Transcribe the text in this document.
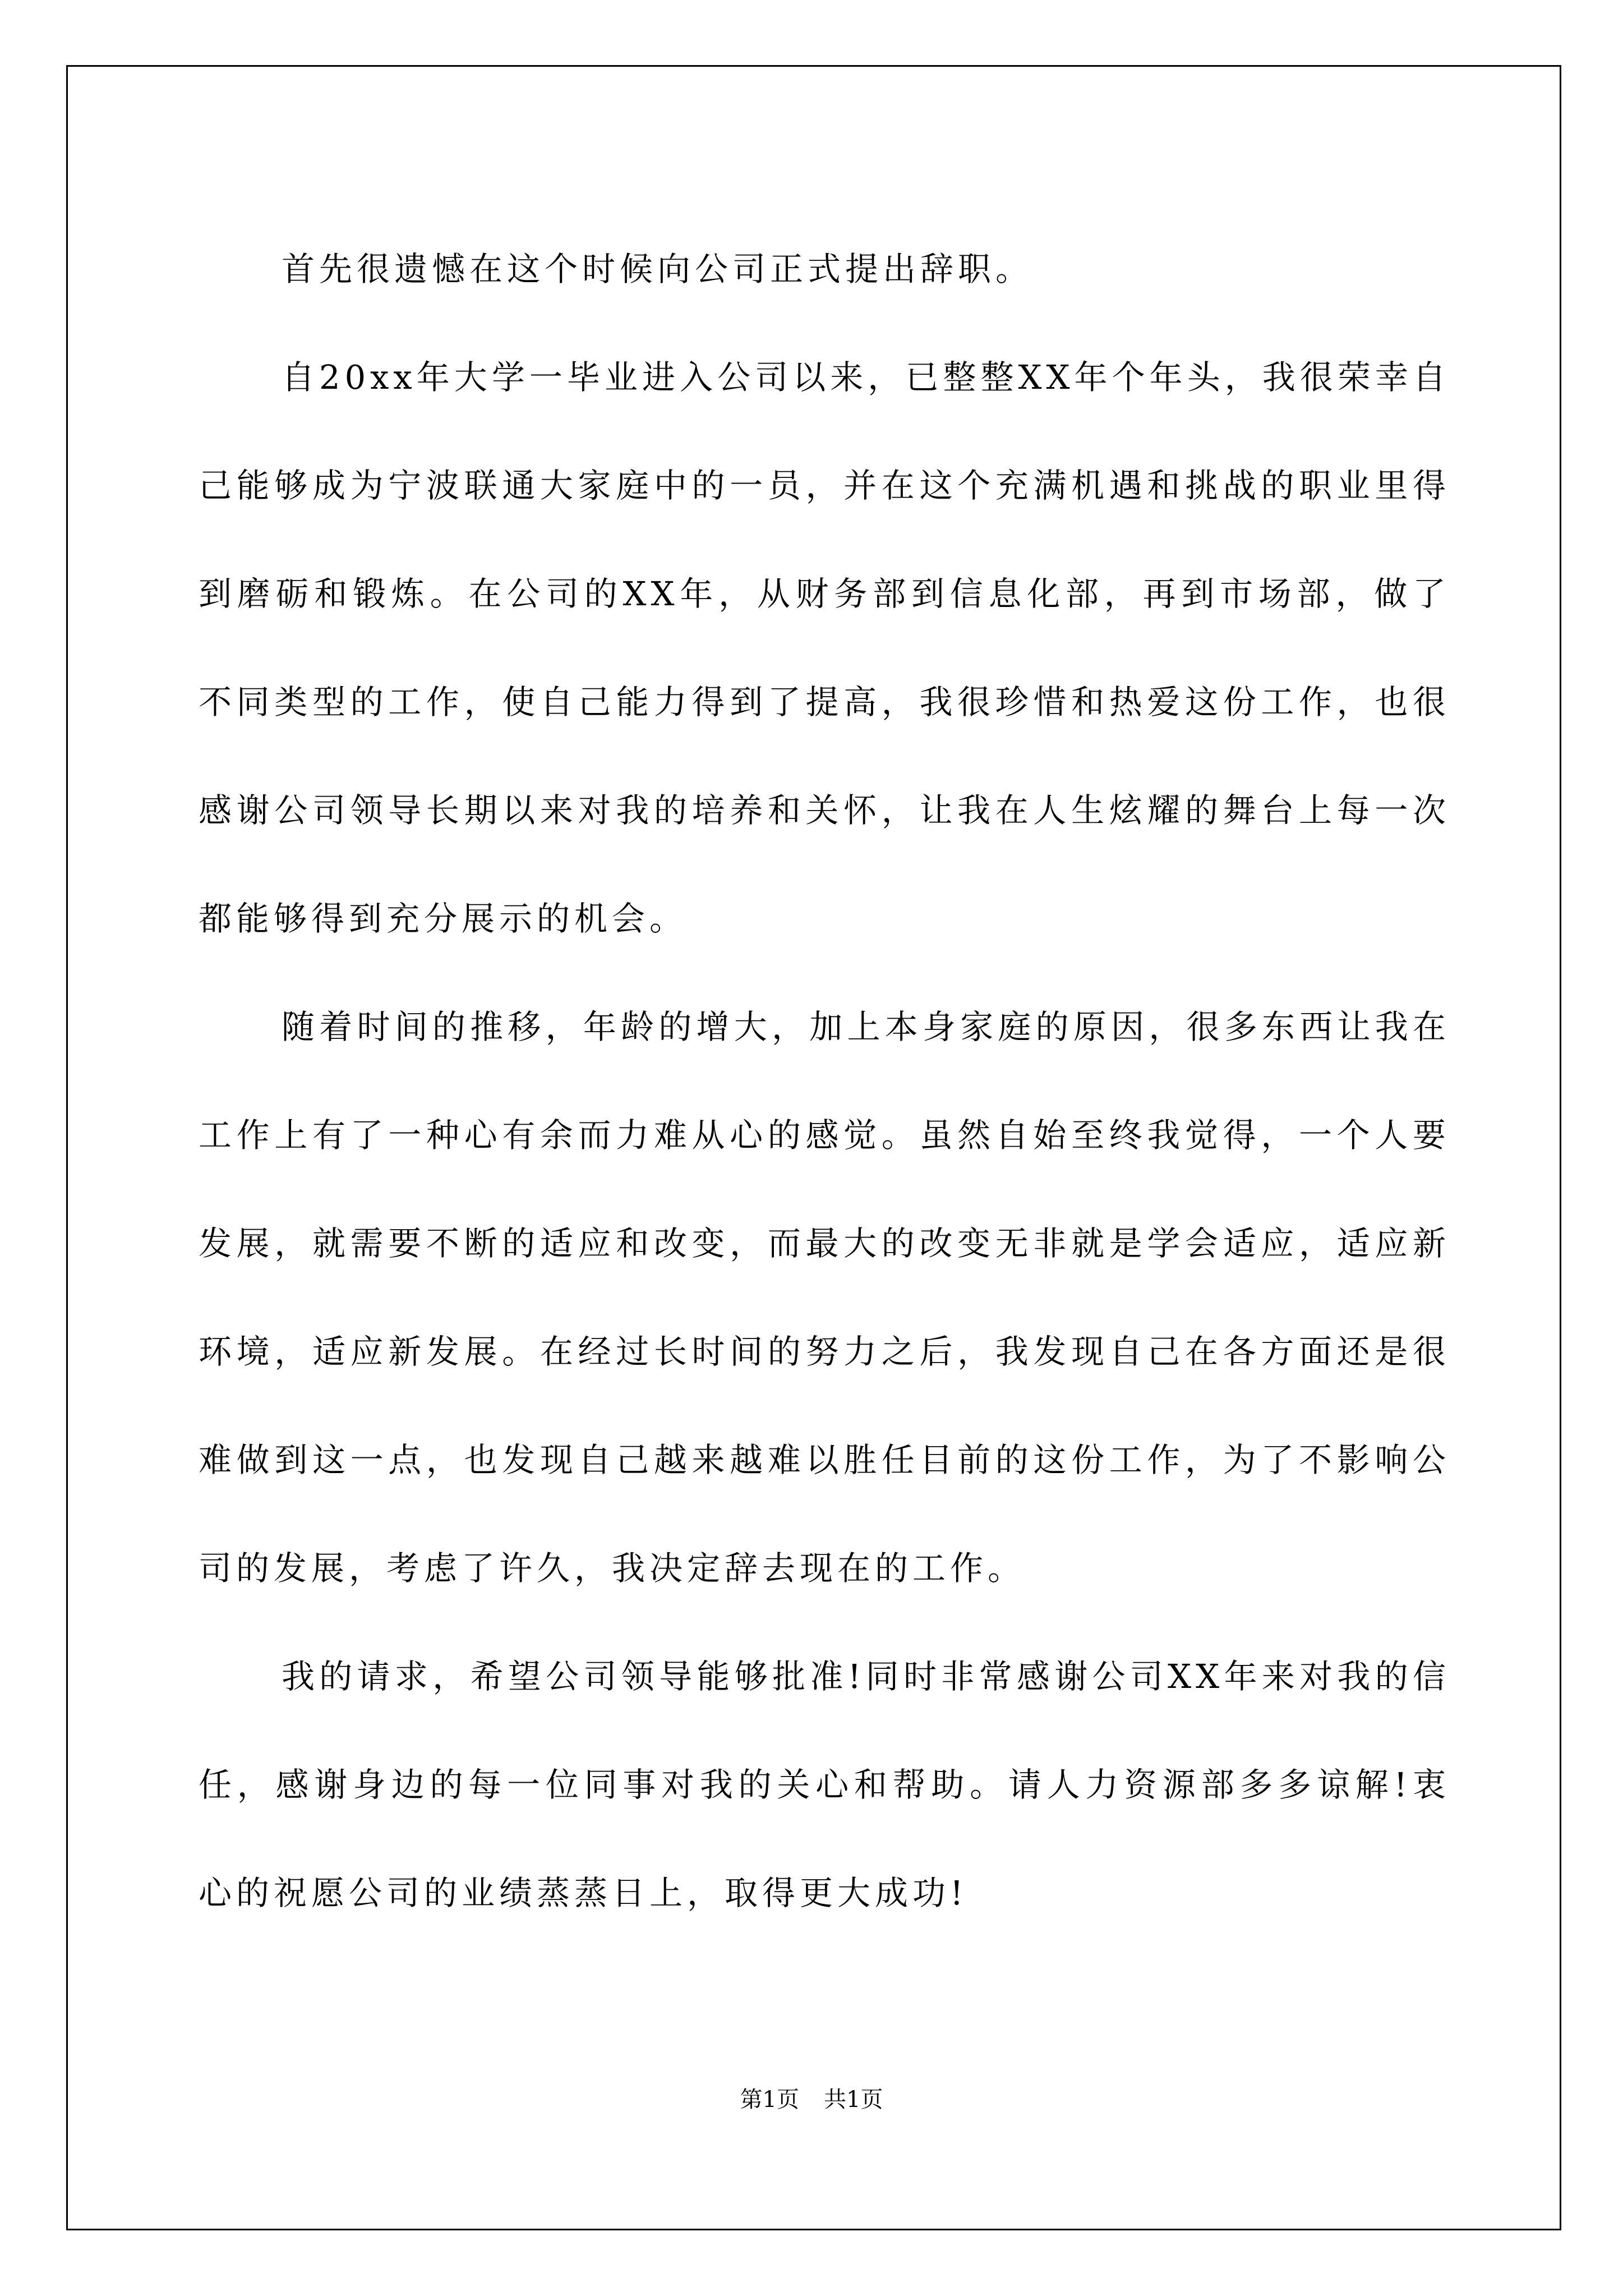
首先很遗憾在这个时候向公司正式提出辞职。

自20xx年大学一毕业进入公司以来，已整整XX年个年头，我很荣幸自己能够成为宁波联通大家庭中的一员，并在这个充满机遇和挑战的职业里得到磨砺和锻炼。在公司的XX年，从财务部到信息化部，再到市场部，做了不同类型的工作，使自己能力得到了提高，我很珍惜和热爱这份工作，也很感谢公司领导长期以来对我的培养和关怀，让我在人生炫耀的舞台上每一次都能够得到充分展示的机会。

随着时间的推移，年龄的增大，加上本身家庭的原因，很多东西让我在工作上有了一种心有余而力难从心的感觉。虽然自始至终我觉得，一个人要发展，就需要不断的适应和改变，而最大的改变无非就是学会适应，适应新环境，适应新发展。在经过长时间的努力之后，我发现自己在各方面还是很难做到这一点，也发现自己越来越难以胜任目前的这份工作，为了不影响公司的发展，考虑了许久，我决定辞去现在的工作。

我的请求，希望公司领导能够批准!同时非常感谢公司XX年来对我的信任，感谢身边的每一位同事对我的关心和帮助。请人力资源部多多谅解!衷心的祝愿公司的业绩蒸蒸日上，取得更大成功!

第1页 共1页
